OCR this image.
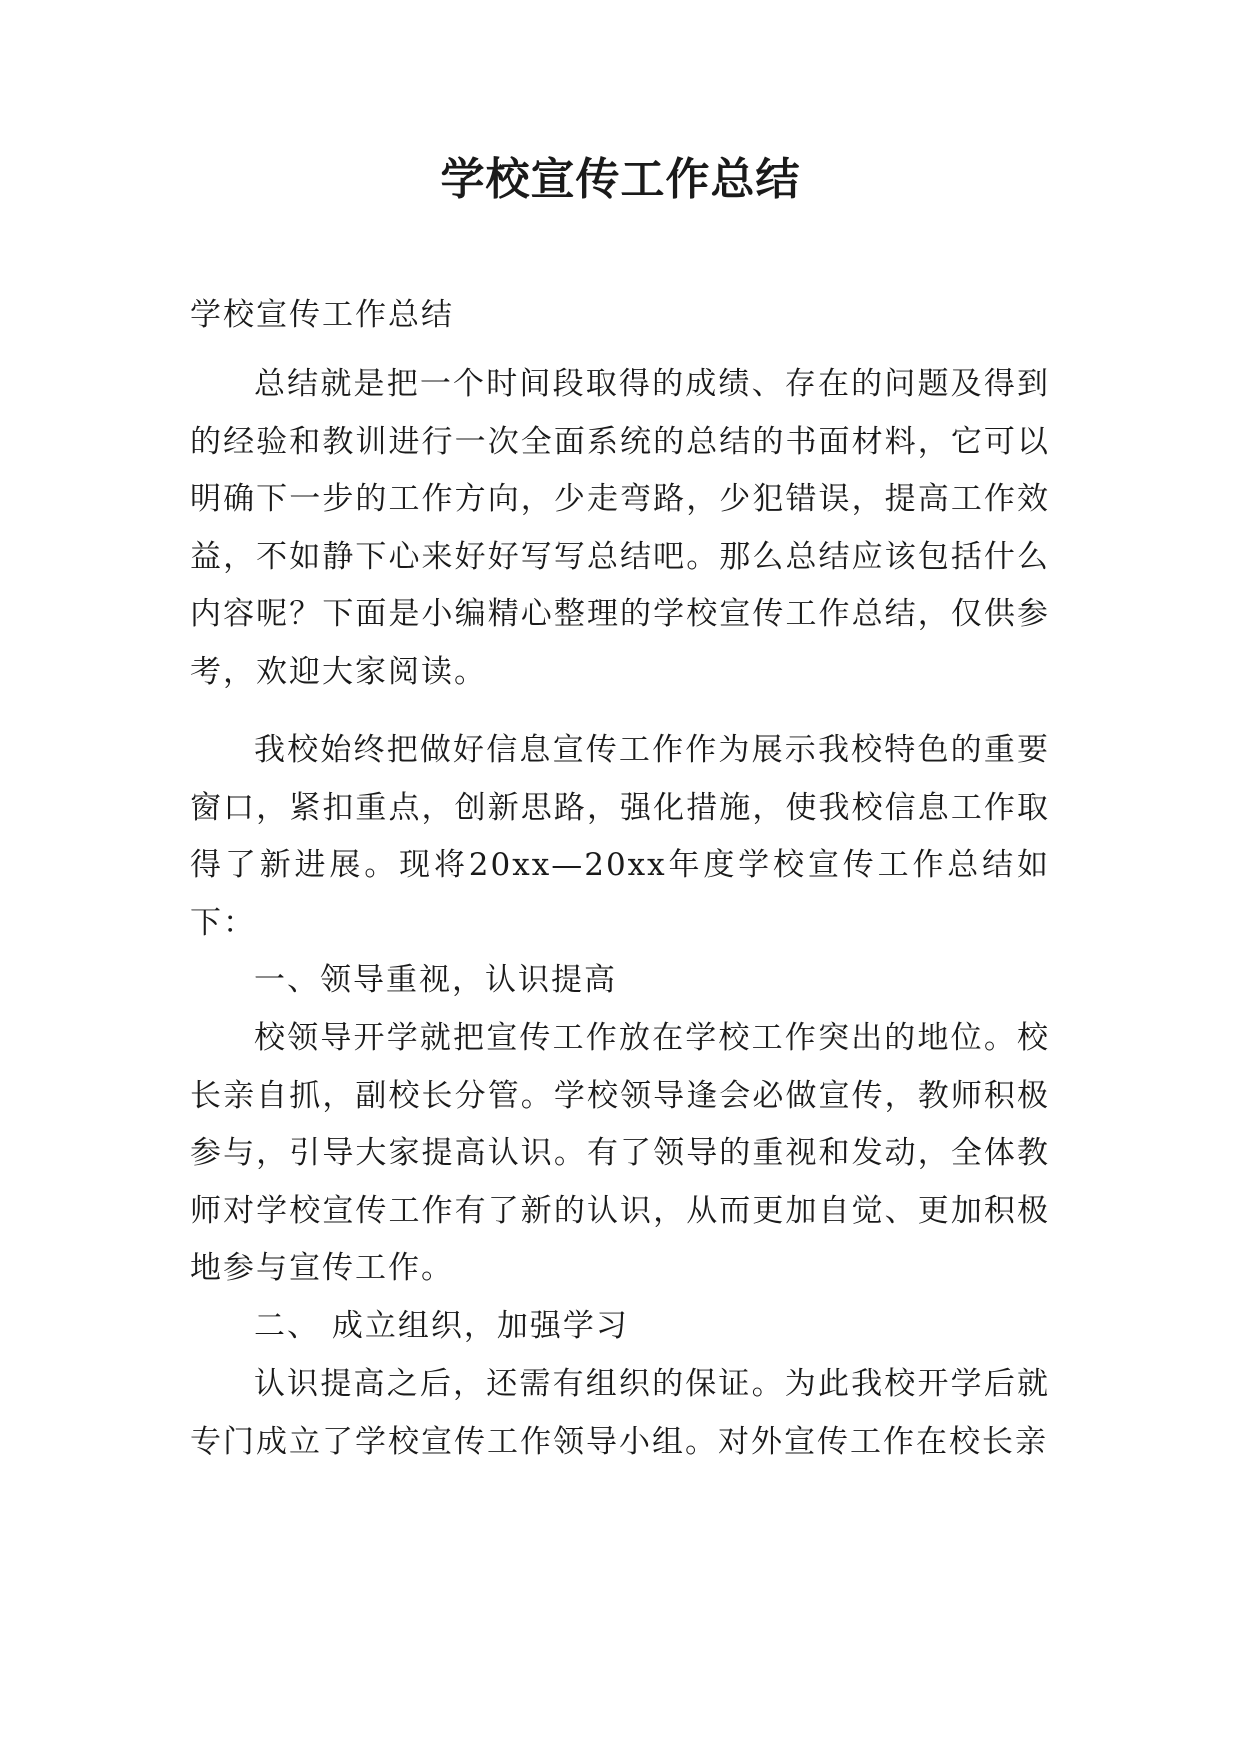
学校宣传工作总结
学校宣传工作总结

总结就是把一个时间段取得的成绩、存在的问题及得到的经验和教训进行一次全面系统的总结的书面材料，它可以明确下一步的工作方向，少走弯路，少犯错误，提高工作效益，不如静下心来好好写写总结吧。那么总结应该包括什么内容呢？下面是小编精心整理的学校宣传工作总结，仅供参考，欢迎大家阅读。

我校始终把做好信息宣传工作作为展示我校特色的重要窗口，紧扣重点，创新思路，强化措施，使我校信息工作取得了新进展。现将20xx—20xx年度学校宣传工作总结如下：

一、领导重视，认识提高

校领导开学就把宣传工作放在学校工作突出的地位。校长亲自抓，副校长分管。学校领导逢会必做宣传，教师积极参与，引导大家提高认识。有了领导的重视和发动，全体教师对学校宣传工作有了新的认识，从而更加自觉、更加积极地参与宣传工作。

二、 成立组织，加强学习

认识提高之后，还需有组织的保证。为此我校开学后就专门成立了学校宣传工作领导小组。对外宣传工作在校长亲
